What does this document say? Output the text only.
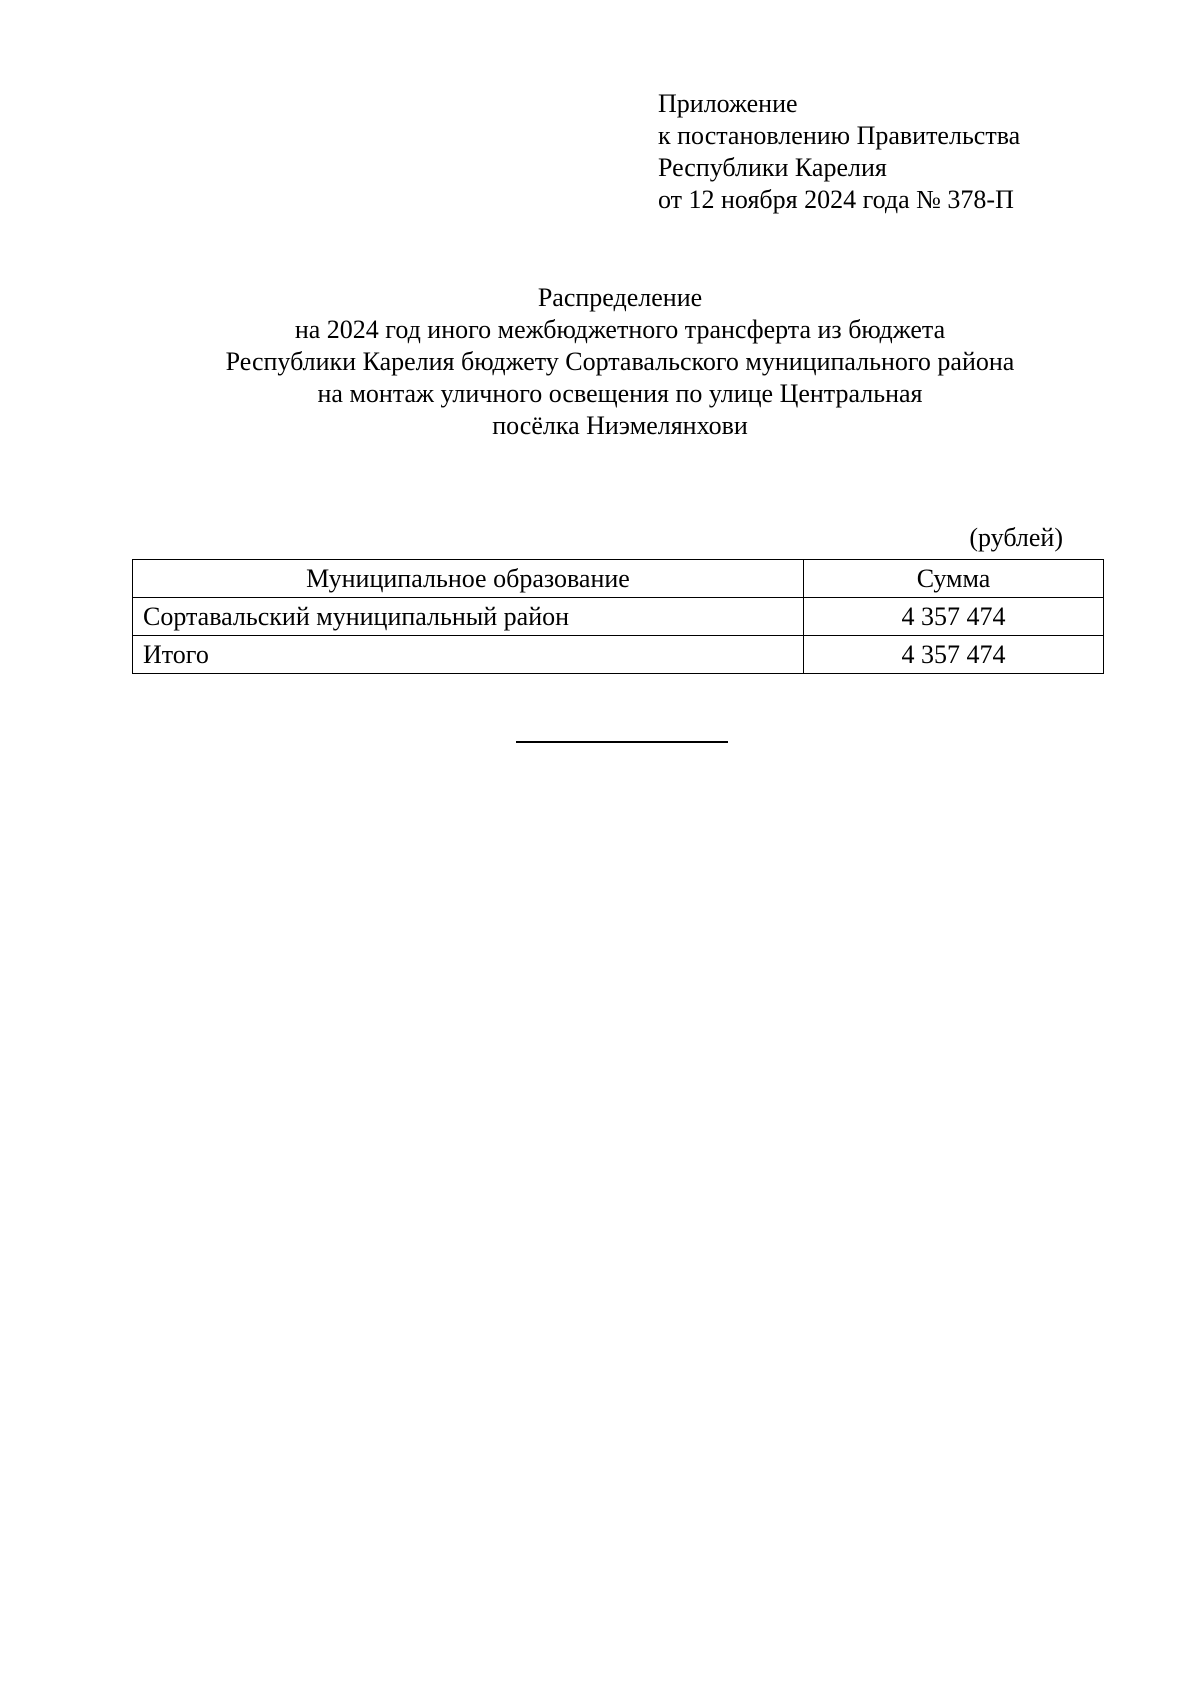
Приложение
к постановлению Правительства
Республики Карелия
от 12 ноября 2024 года № 378-П
Распределение
на 2024 год иного межбюджетного трансферта из бюджета
Республики Карелия бюджету Сортавальского муниципального района
на монтаж уличного освещения по улице Центральная
посёлка Ниэмелянхови
(рублей)
Муниципальное образование	Сумма
Сортавальский муниципальный район	4 357 474
Итого	4 357 474
